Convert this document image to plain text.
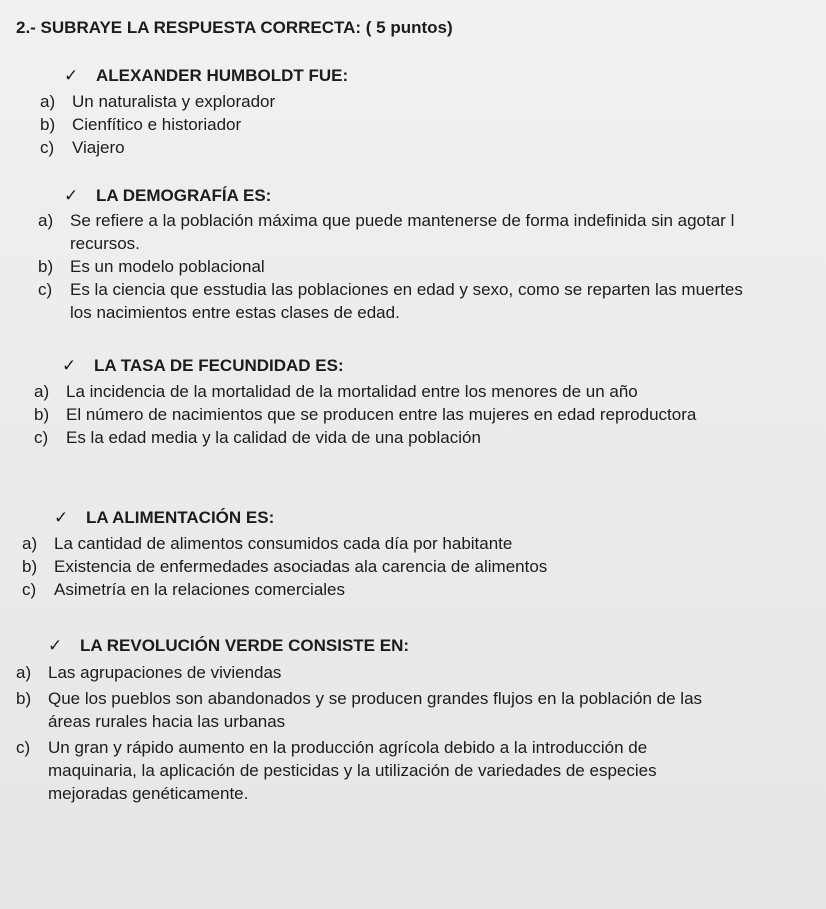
2.- SUBRAYE LA RESPUESTA CORRECTA: ( 5 puntos)
✓ ALEXANDER HUMBOLDT FUE:
a) Un naturalista y explorador
b) Cienfítico e historiador
c)	Viajero
✓ LA DEMOGRAFÍA ES:
a) Se refiere a la población máxima que puede mantenerse de forma indefinida sin agotar l
recursos.
b) Es un modelo poblacional
c)	Es la ciencia que esstudia las poblaciones en edad y sexo, como se reparten las muertes
los nacimientos entre estas clases de edad.
✓ LA TASA DE FECUNDIDAD ES:
a) La incidencia de la mortalidad de la mortalidad entre los menores de un año
b) El número de nacimientos que se producen entre las mujeres en edad reproductora
c)	Es la edad media y la calidad de vida de una población
✓ LA ALIMENTACIÓN ES:
a) La cantidad de alimentos consumidos cada día por habitante
b) Existencia de enfermedades asociadas ala carencia de alimentos
c)	Asimetría en la relaciones comerciales
✓ LA REVOLUCIÓN VERDE CONSISTE EN:
a) Las agrupaciones de viviendas
b) Que los pueblos son abandonados y se producen grandes flujos en la población de las
áreas rurales hacia las urbanas
c)	Un gran y rápido aumento en la producción agrícola debido a la introducción de
maquinaria, la aplicación de pesticidas y la utilización de variedades de especies
mejoradas genéticamente.
